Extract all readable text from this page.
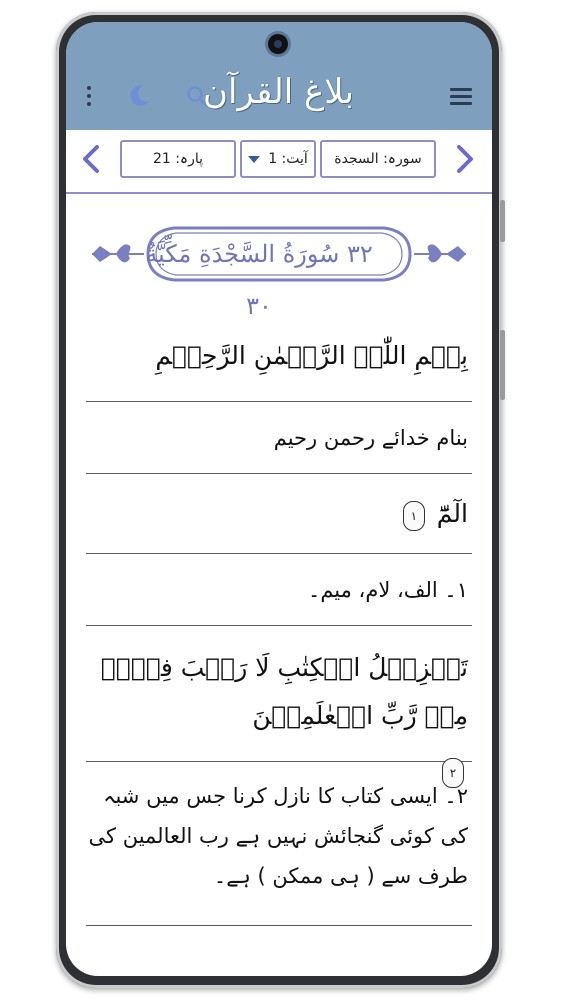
بلاغ القرآن
پارہ: 21	آیت: 1 سورہ: السجدة
٣٢ سُورَةُ السَّجْدَةِ مَكِّيَّةٌ ٣٠
بِسۡمِ اللّٰہِ الرَّحۡمٰنِ الرَّحِیۡمِ
بنام خدائے رحمن رحیم
الٓمّٓ ١
١۔ الف، لام، میم۔
تَنۡزِیۡلُ الۡکِتٰبِ لَا رَیۡبَ فِیۡہِ مِنۡ رَّبِّ الۡعٰلَمِیۡنَ
٢
٢۔ ایسی کتاب کا نازل کرنا جس میں شبہ کی کوئی گنجائش نہیں ہے رب العالمین کی طرف سے ( ہی ممکن ) ہے۔
